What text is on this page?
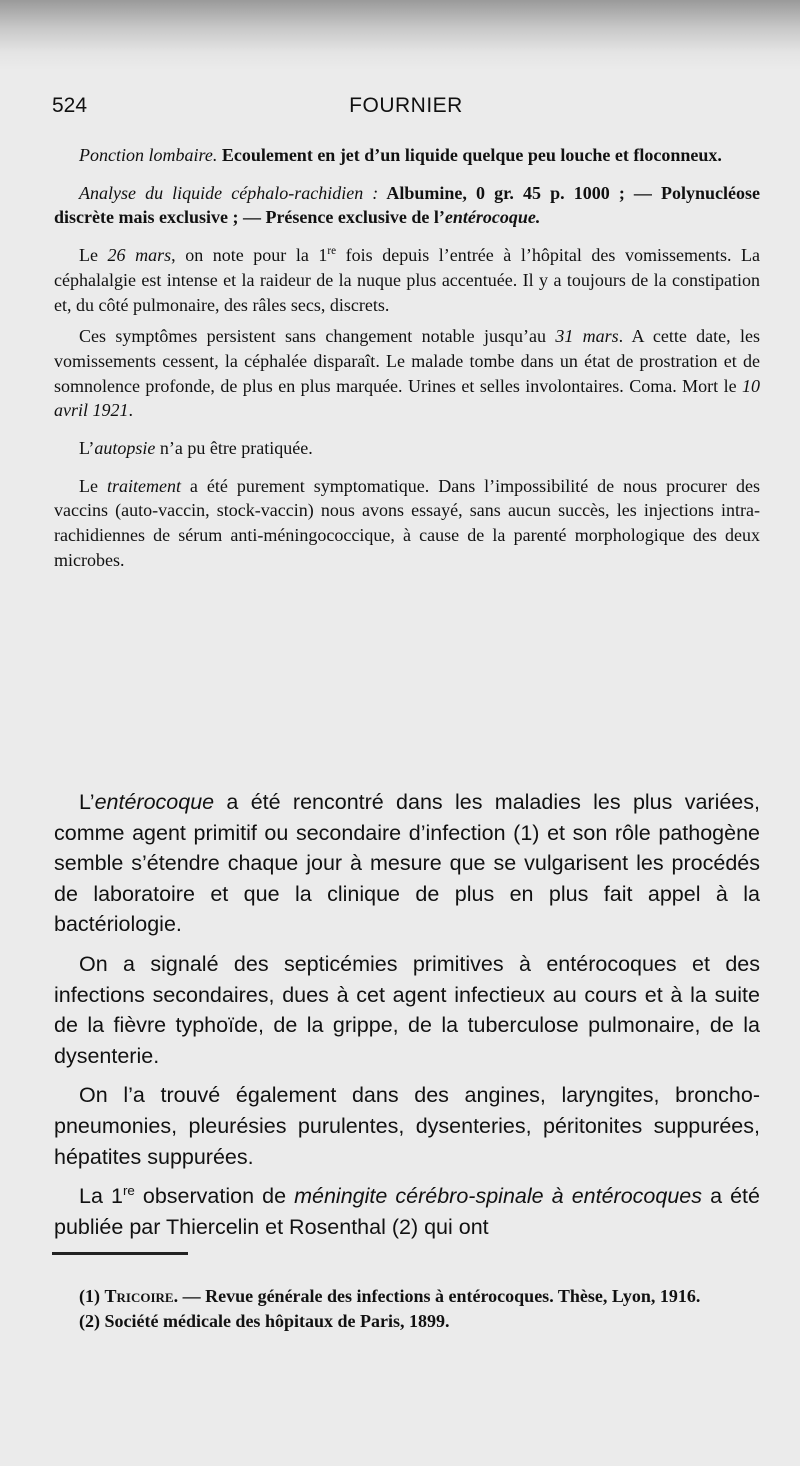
524	FOURNIER

Ponction lombaire. Ecoulement en jet d’un liquide quelque peu louche et floconneux.

Analyse du liquide céphalo-rachidien : Albumine, 0 gr. 45 p. 1000 ; — Polynucléose discrète mais exclusive ; — Présence exclusive de l’entérocoque.

Le 26 mars, on note pour la 1re fois depuis l’entrée à l’hôpital des vomissements. La céphalalgie est intense et la raideur de la nuque plus accentuée. Il y a toujours de la constipation et, du côté pulmonaire, des râles secs, discrets.

Ces symptômes persistent sans changement notable jusqu’au 31 mars. A cette date, les vomissements cessent, la céphalée disparaît. Le malade tombe dans un état de prostration et de somnolence profonde, de plus en plus marquée. Urines et selles involontaires. Coma. Mort le 10 avril 1921.

L’autopsie n’a pu être pratiquée.

Le traitement a été purement symptomatique. Dans l’impossibilité de nous procurer des vaccins (auto-vaccin, stock-vaccin) nous avons essayé, sans aucun succès, les injections intra-rachidiennes de sérum anti-méningococcique, à cause de la parenté morphologique des deux microbes.

L’entérocoque a été rencontré dans les maladies les plus variées, comme agent primitif ou secondaire d’infection (1) et son rôle pathogène semble s’étendre chaque jour à mesure que se vulgarisent les procédés de laboratoire et que la clinique de plus en plus fait appel à la bactériologie.

On a signalé des septicémies primitives à entérocoques et des infections secondaires, dues à cet agent infectieux au cours et à la suite de la fièvre typhoïde, de la grippe, de la tuberculose pulmonaire, de la dysenterie.

On l’a trouvé également dans des angines, laryngites, broncho-pneumonies, pleurésies purulentes, dysenteries, péritonites suppurées, hépatites suppurées.

La 1re observation de méningite cérébro-spinale à entérocoques a été publiée par Thiercelin et Rosenthal (2) qui ont

(1) Tricoire. — Revue générale des infections à entérocoques. Thèse, Lyon, 1916.

(2) Société médicale des hôpitaux de Paris, 1899.
